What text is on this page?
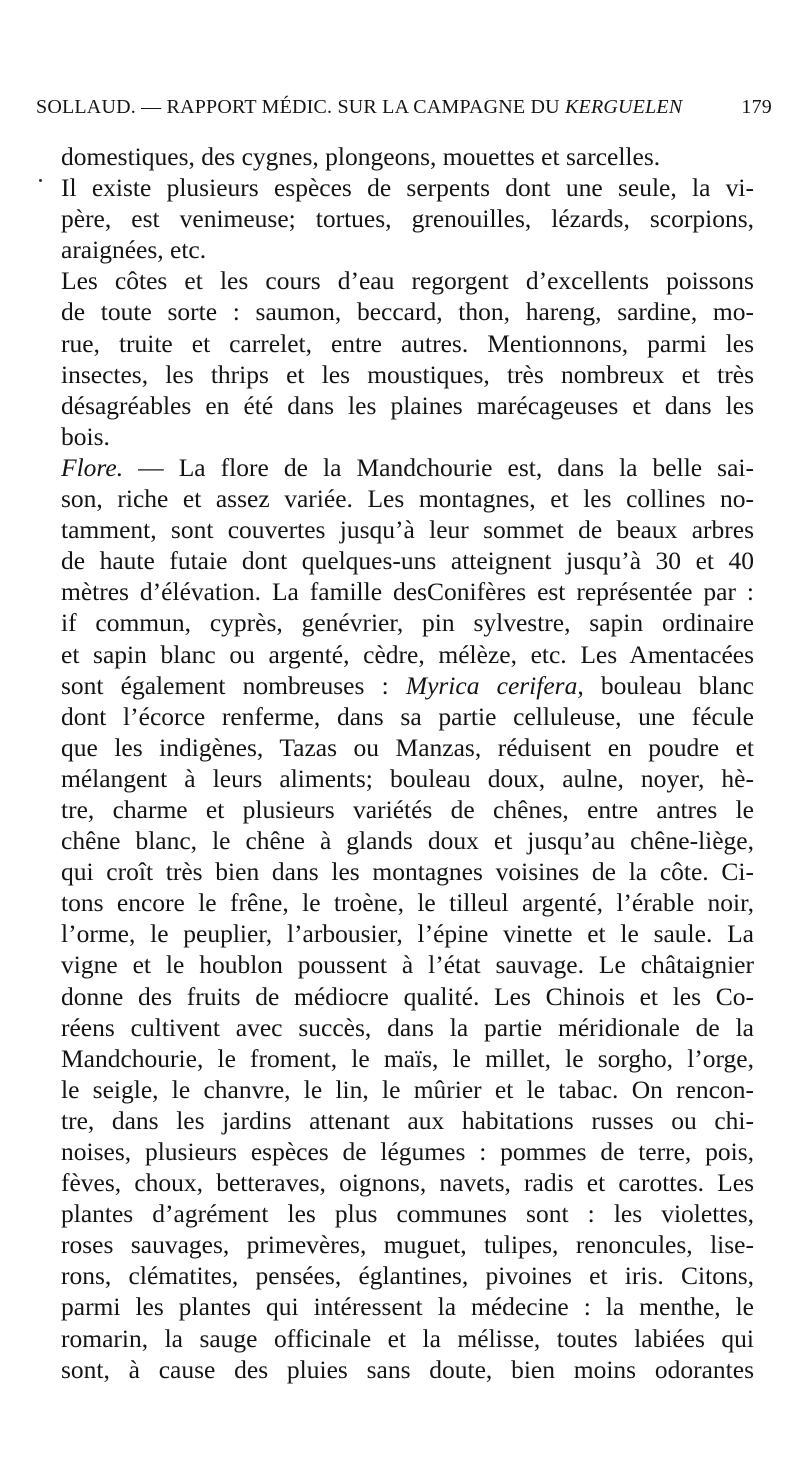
SOLLAUD. — RAPPORT MÉDIC. SUR LA CAMPAGNE DU KERGUELEN	179
domestiques, des cygnes, plongeons, mouettes et sarcelles.
Il existe plusieurs espèces de serpents dont une seule, la vi-
père, est venimeuse; tortues, grenouilles, lézards, scorpions,
araignées, etc.
Les côtes et les cours d’eau regorgent d’excellents poissons
de toute sorte : saumon, beccard, thon, hareng, sardine, mo-
rue, truite et carrelet, entre autres. Mentionnons, parmi les
insectes, les thrips et les moustiques, très nombreux et très
désagréables en été dans les plaines marécageuses et dans les
bois.
Flore. — La flore de la Mandchourie est, dans la belle sai-
son, riche et assez variée. Les montagnes, et les collines no-
tamment, sont couvertes jusqu’à leur sommet de beaux arbres
de haute futaie dont quelques-uns atteignent jusqu’à 30 et 40
mètres d’élévation. La famille desConifères est représentée par :
if commun, cyprès, genévrier, pin sylvestre, sapin ordinaire
et sapin blanc ou argenté, cèdre, mélèze, etc. Les Amentacées
sont également nombreuses : Myrica cerifera, bouleau blanc
dont l’écorce renferme, dans sa partie celluleuse, une fécule
que les indigènes, Tazas ou Manzas, réduisent en poudre et
mélangent à leurs aliments; bouleau doux, aulne, noyer, hè-
tre, charme et plusieurs variétés de chênes, entre antres le
chêne blanc, le chêne à glands doux et jusqu’au chêne-liège,
qui croît très bien dans les montagnes voisines de la côte. Ci-
tons encore le frêne, le troène, le tilleul argenté, l’érable noir,
l’orme, le peuplier, l’arbousier, l’épine vinette et le saule. La
vigne et le houblon poussent à l’état sauvage. Le châtaignier
donne des fruits de médiocre qualité. Les Chinois et les Co-
réens cultivent avec succès, dans la partie méridionale de la
Mandchourie, le froment, le maïs, le millet, le sorgho, l’orge,
le seigle, le chanvre, le lin, le mûrier et le tabac. On rencon-
tre, dans les jardins attenant aux habitations russes ou chi-
noises, plusieurs espèces de légumes : pommes de terre, pois,
fèves, choux, betteraves, oignons, navets, radis et carottes. Les
plantes d’agrément les plus communes sont : les violettes,
roses sauvages, primevères, muguet, tulipes, renoncules, lise-
rons, clématites, pensées, églantines, pivoines et iris. Citons,
parmi les plantes qui intéressent la médecine : la menthe, le
romarin, la sauge officinale et la mélisse, toutes labiées qui
sont, à cause des pluies sans doute, bien moins odorantes
